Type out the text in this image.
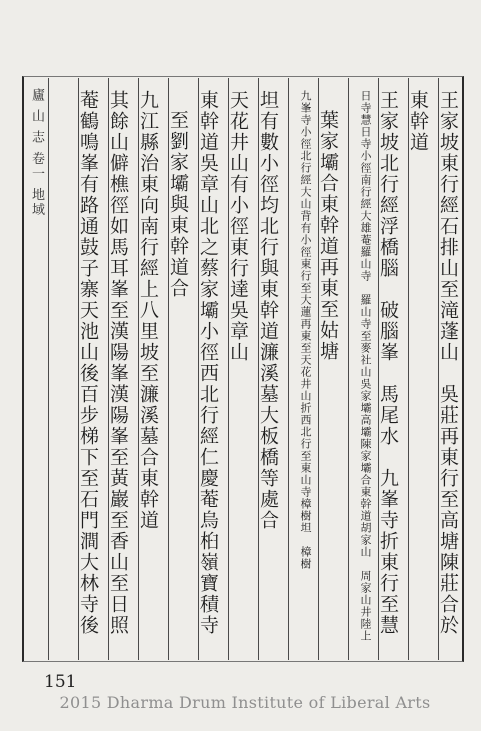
廬 山 志 卷一 地域	王家坡東行經石排山至滝蓬山　吳莊再東行至高塘陳莊合於
東幹道
王家坡北行經浮橋腦　破腦峯　馬尾水　九峯寺折東行至慧
日寺慧日寺小徑南行經大雄菴羅山寺　羅山寺至麥社山吳家壩高壩陳家壩合東幹道胡家山　周家山井陸上
葉家壩合東幹道再東至姑塘
九峯寺小徑北行經大山背有小徑東行至大蓮再東至天花井山折西北行至東山寺樟樹坦　樟樹
坦有數小徑均北行與東幹道濂溪墓大板橋等處合
天花井山有小徑東行達吳章山
東幹道吳章山北之蔡家壩小徑西北行經仁慶菴烏桕嶺寶積寺
至劉家壩與東幹道合
九江縣治東向南行經上八里坡至濂溪墓合東幹道
其餘山僻樵徑如馬耳峯至漢陽峯漢陽峯至黃巖至香山至日照
菴鶴鳴峯有路通鼓子寨天池山後百步梯下至石門澗大林寺後
151
2015 Dharma Drum Institute of Liberal Arts
